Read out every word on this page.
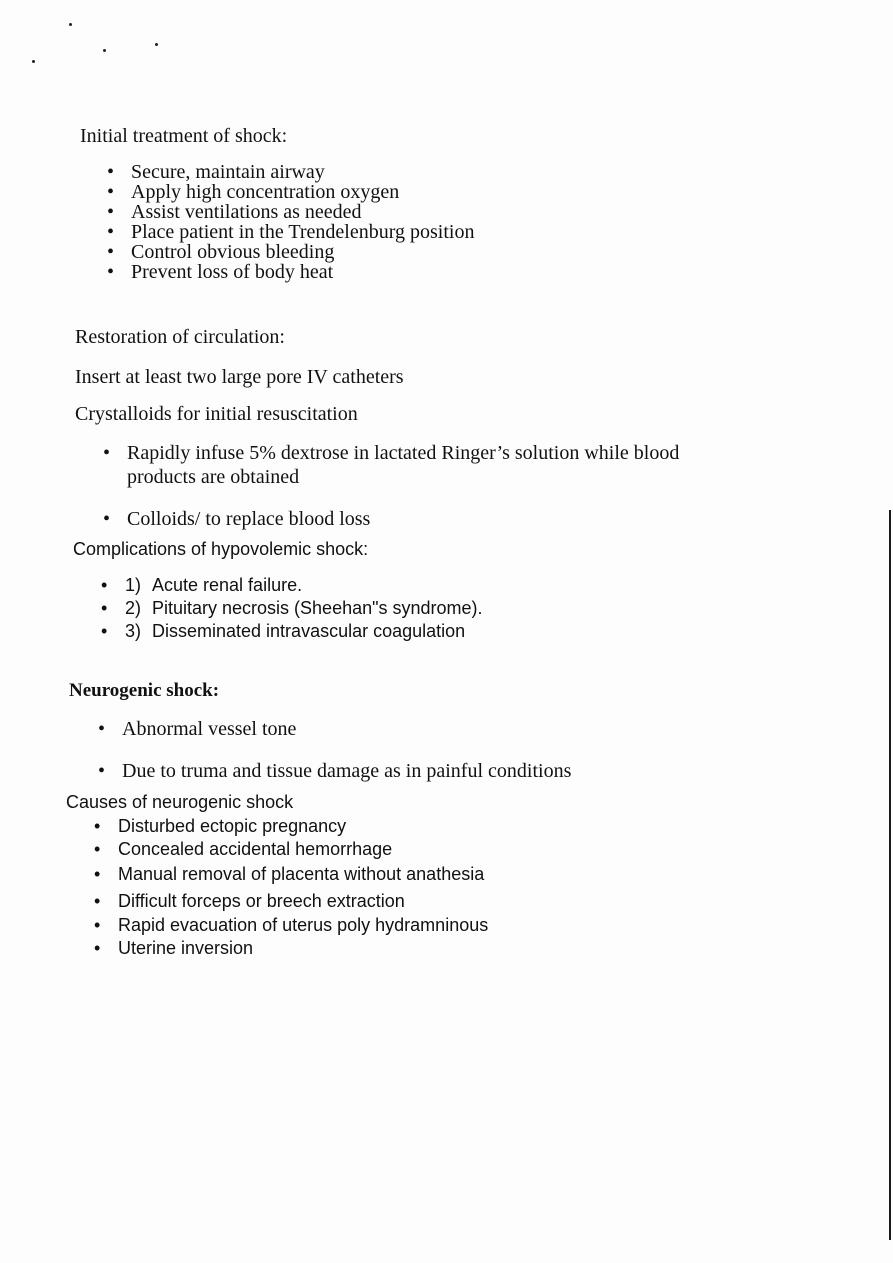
Initial treatment of shock:
• Secure, maintain airway
• Apply high concentration oxygen
• Assist ventilations as needed
• Place patient in the Trendelenburg position
• Control obvious bleeding
• Prevent loss of body heat
Restoration of circulation:
Insert at least two large pore IV catheters
Crystalloids for initial resuscitation
• Rapidly infuse 5% dextrose in lactated Ringer’s solution while blood products are obtained
• Colloids/ to replace blood loss
Complications of hypovolemic shock:
• 1) Acute renal failure.
• 2) Pituitary necrosis (Sheehan"s syndrome).
• 3) Disseminated intravascular coagulation
Neurogenic shock:
• Abnormal vessel tone
• Due to truma and tissue damage as in painful conditions
Causes of neurogenic shock
• Disturbed ectopic pregnancy
• Concealed accidental hemorrhage
• Manual removal of placenta without anathesia
• Difficult forceps or breech extraction
• Rapid evacuation of uterus poly hydramninous
• Uterine inversion
